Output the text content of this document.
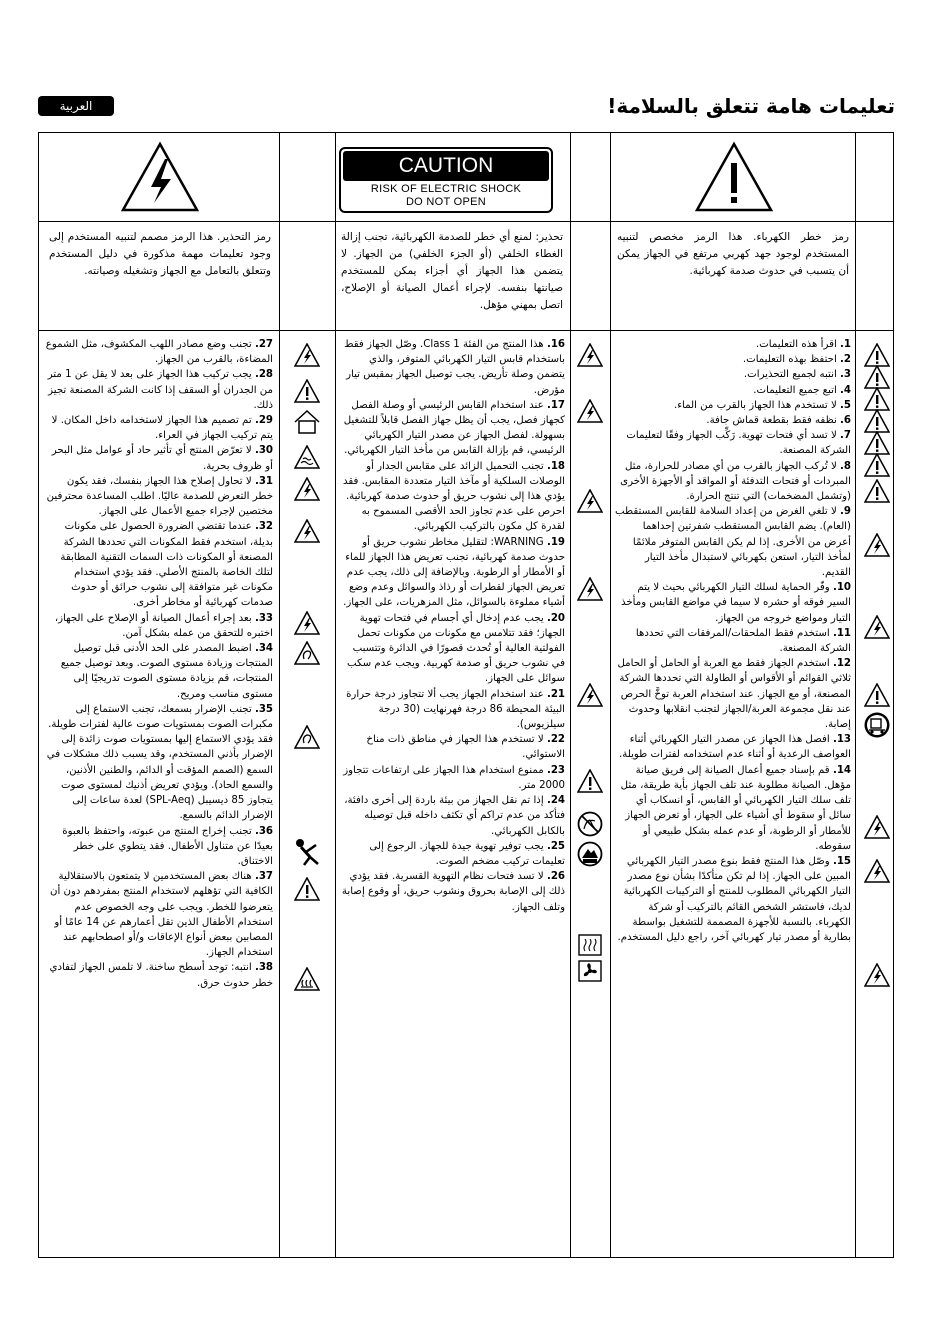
العربية	تعليمات هامة تتعلق بالسلامة!
CAUTION
RISK OF ELECTRIC SHOCK
DO NOT OPEN

رمز التحذير. هذا الرمز مصمم لتنبيه المستخدم إلى وجود تعليمات مهمة مذكورة في دليل المستخدم وتتعلق بالتعامل مع الجهاز وتشغيله وصيانته.

تحذير: لمنع أي خطر للصدمة الكهربائية، تجنب إزالة الغطاء الخلفي (أو الجزء الخلفي) من الجهاز. لا يتضمن هذا الجهاز أي أجزاء يمكن للمستخدم صيانتها بنفسه. لإجراء أعمال الصيانة أو الإصلاح، اتصل بمهني مؤهل.

رمز خطر الكهرباء. هذا الرمز مخصص لتنبيه المستخدم لوجود جهد كهربي مرتفع في الجهاز يمكن أن يتسبب في حدوث صدمة كهربائية.

27. تجنب وضع مصادر اللهب المكشوف، مثل الشموع المضاءة، بالقرب من الجهاز.
28. يجب تركيب هذا الجهاز على بعد لا يقل عن 1 متر من الجدران أو السقف إذا كانت الشركة المصنعة تجيز ذلك.
29. تم تصميم هذا الجهاز لاستخدامه داخل المكان. لا يتم تركيب الجهاز في العراء.
30. لا تعرّض المنتج أي تأثير حاد أو عوامل مثل البحر أو ظروف بحرية.
31. لا تحاول إصلاح هذا الجهاز بنفسك، فقد يكون خطر التعرض للصدمة عاليًا. اطلب المساعدة محترفين مختصين لإجراء جميع الأعمال على الجهاز.
32. عندما تقتضي الضرورة الحصول على مكونات بديلة، استخدم فقط المكونات التي تحددها الشركة المصنعة أو المكونات ذات السمات التقنية المطابقة لتلك الخاصة بالمنتج الأصلي. فقد يؤدي استخدام مكونات غير متوافقة إلى نشوب حرائق أو حدوث صدمات كهربائية أو مخاطر أخرى.
33. بعد إجراء أعمال الصيانة أو الإصلاح على الجهاز، اختبره للتحقق من عمله بشكل آمن.
34. اضبط المصدر على الحد الأدنى قبل توصيل المنتجات وزيادة مستوى الصوت. وبعد توصيل جميع المنتجات، قم بزيادة مستوى الصوت تدريجيًا إلى مستوى مناسب ومريح.
35. تجنب الإضرار بسمعك، تجنب الاستماع إلى مكبرات الصوت بمستويات صوت عالية لفترات طويلة. فقد يؤدي الاستماع إليها بمستويات صوت زائدة إلى الإضرار بأذني المستخدم، وقد يسبب ذلك مشكلات في السمع (الصمم المؤقت أو الدائم، والطنين الأذنين، والسمع الحاد). ويؤدي تعريض أذنيك لمستوى صوت يتجاوز 85 ديسيبل (SPL-Aeq) لعدة ساعات إلى الإضرار الدائم بالسمع.
36. تجنب إخراج المنتج من عبوته، واحتفظ بالعبوة بعيدًا عن متناول الأطفال. فقد يتطوي على خطر الاختناق.
37. هناك بعض المستخدمين لا يتمتعون بالاستقلالية الكافية التي تؤهلهم لاستخدام المنتج بمفردهم دون أن يتعرضوا للخطر. ويجب على وجه الخصوص عدم استخدام الأطفال الذين تقل أعمارهم عن 14 عامًا أو المصابين ببعض أنواع الإعاقات و/أو اصطحابهم عند استخدام الجهاز.
38. انتبه: توجد أسطح ساخنة. لا تلمس الجهاز لتفادي خطر حدوث حرق.
16. هذا المنتج من الفئة Class 1. وصّل الجهاز فقط باستخدام قابس التيار الكهربائي المتوفر، والذي يتضمن وصلة تأريض. يجب توصيل الجهاز بمقبس تيار مؤرض.
17. عند استخدام القابس الرئيسي أو وصلة الفصل كجهاز فصل، يجب أن يظل جهاز الفصل قابلاً للتشغيل بسهولة. لفصل الجهاز عن مصدر التيار الكهربائي الرئيسي، قم بإزالة القابس من مأخذ التيار الكهربائي.
18. تجنب التحميل الزائد على مقابس الجدار أو الوصلات السلكية أو مآخذ التيار متعددة المقابس. فقد يؤدي هذا إلى نشوب حريق أو حدوث صدمة كهربائية. احرص على عدم تجاوز الحد الأقصى المسموح به لقدرة كل مكون بالتركيب الكهربائي.
19. WARNING: لتقليل مخاطر نشوب حريق أو حدوث صدمة كهربائية، تجنب تعريض هذا الجهاز للماء أو الأمطار أو الرطوبة. وبالإضافة إلى ذلك، يجب عدم تعريض الجهاز لقطرات أو رذاذ والسوائل وعدم وضع أشياء مملوءة بالسوائل، مثل المزهريات، على الجهاز.
20. يجب عدم إدخال أي أجسام في فتحات تهوية الجهاز؛ فقد تتلامس مع مكونات من مكونات تحمل الفولتية العالية أو تُحدث قصورًا في الدائرة وتتسبب في نشوب حريق أو صدمة كهربية. ويجب عدم سكب سوائل على الجهاز.
21. عند استخدام الجهاز يجب ألا تتجاوز درجة حرارة البيئة المحيطة 86 درجة فهرنهايت (30 درجة سيلزيوس).
22. لا تستخدم هذا الجهاز في مناطق ذات مناخ الاستوائي.
23. ممنوع استخدام هذا الجهاز على ارتفاعات تتجاوز 2000 متر.
24. إذا تم نقل الجهاز من بيئة باردة إلى أخرى دافئة، فتأكد من عدم تراكم أي تكثف داخله قبل توصيله بالكابل الكهربائي.
25. يجب توفير تهوية جيدة للجهاز. الرجوع إلى تعليمات تركيب مضخم الصوت.
26. لا تسد فتحات نظام التهوية القسرية. فقد يؤدي ذلك إلى الإصابة بحروق ونشوب حريق، أو وقوع إصابة وتلف الجهاز.
1. اقرأ هذه التعليمات.
2. احتفظ بهذه التعليمات.
3. انتبه لجميع التحذيرات.
4. اتبع جميع التعليمات.
5. لا تستخدم هذا الجهاز بالقرب من الماء.
6. نظفه فقط بقطعة قماش جافة.
7. لا تسد أي فتحات تهوية. رَكِّب الجهاز وفقًا لتعليمات الشركة المصنعة.
8. لا تُركب الجهاز بالقرب من أي مصادر للحرارة، مثل المبردات أو فتحات التدفئة أو المواقد أو الأجهزة الأخرى (وتشمل المضخمات) التي تنتج الحرارة.
9. لا تلغي الغرض من إعداد السلامة للقابس المستقطب (العام). يضم القابس المستقطب شفرتين إحداهما أعرض من الأخرى. إذا لم يكن القابس المتوفر ملائمًا لمأخذ التيار، استعن بكهربائي لاستبدال مأخذ التيار القديم.
10. وفّر الحماية لسلك التيار الكهربائي بحيث لا يتم السير فوقه أو حشره لا سيما في مواضع القابس ومأخذ التيار ومواضع خروجه من الجهاز.
11. استخدم فقط الملحقات/المرفقات التي تحددها الشركة المصنعة.
12. استخدم الجهاز فقط مع العربة أو الحامل أو الحامل ثلاثي القوائم أو الأقواس أو الطاولة التي تحددها الشركة المصنعة، أو مع الجهاز. عند استخدام العربة توخَّ الحرص عند نقل مجموعة العربة/الجهاز لتجنب انقلابها وحدوث إصابة.
13. افصل هذا الجهاز عن مصدر التيار الكهربائي أثناء العواصف الرعدية أو أثناء عدم استخدامه لفترات طويلة.
14. قم بإسناد جميع أعمال الصيانة إلى فريق صيانة مؤهل. الصيانة مطلوبة عند تلف الجهاز بأية طريقة، مثل تلف سلك التيار الكهربائي أو القابس، أو انسكاب أي سائل أو سقوط أي أشياء على الجهاز، أو تعرض الجهاز للأمطار أو الرطوبة، أو عدم عمله بشكل طبيعي أو سقوطه.
15. وصّل هذا المنتج فقط بنوع مصدر التيار الكهربائي المبين على الجهاز. إذا لم تكن متأكدًا بشأن نوع مصدر التيار الكهربائي المطلوب للمنتج أو التركيبات الكهربائية لديك، فاستشر الشخص القائم بالتركيب أو شركة الكهرباء. بالنسبة للأجهزة المصممة للتشغيل بواسطة بطارية أو مصدر تيار كهربائي آخر، راجع دليل المستخدم.
